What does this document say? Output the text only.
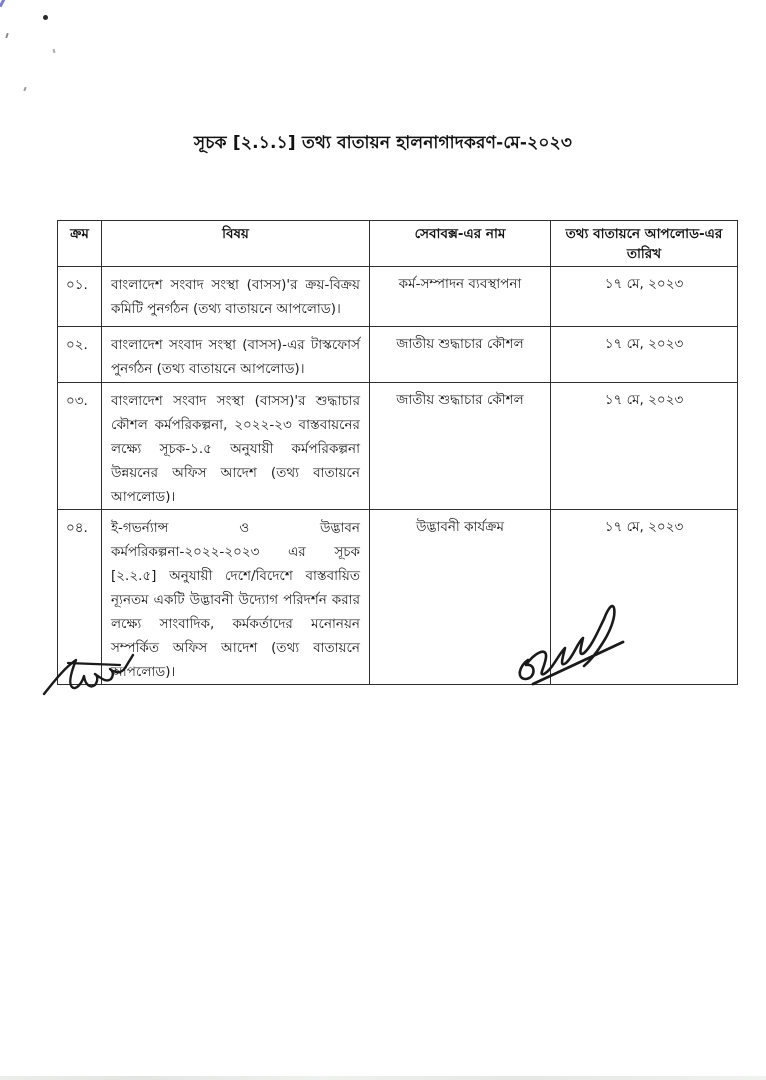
সূচক [২.১.১] তথ্য বাতায়ন হালনাগাদকরণ-মে-২০২৩
ক্রম	বিষয়	সেবাবক্স-এর নাম	তথ্য বাতায়নে আপলোড-এর তারিখ
০১.	বাংলাদেশ সংবাদ সংস্থা (বাসস)'র ক্রয়-বিক্রয় কমিটি পুনর্গঠন (তথ্য বাতায়নে আপলোড)।	কর্ম-সম্পাদন ব্যবস্থাপনা	১৭ মে, ২০২৩
০২.	বাংলাদেশ সংবাদ সংস্থা (বাসস)-এর টাস্কফোর্স পুনর্গঠন (তথ্য বাতায়নে আপলোড)।	জাতীয় শুদ্ধাচার কৌশল	১৭ মে, ২০২৩
০৩.	বাংলাদেশ সংবাদ সংস্থা (বাসস)'র শুদ্ধাচার কৌশল কর্মপরিকল্পনা, ২০২২-২৩ বাস্তবায়নের লক্ষ্যে সূচক-১.৫ অনুযায়ী কর্মপরিকল্পনা উন্নয়নের অফিস আদেশ (তথ্য বাতায়নে আপলোড)।	জাতীয় শুদ্ধাচার কৌশল	১৭ মে, ২০২৩
০৪.	ই-গভর্ন্যান্স ও উদ্ভাবন কর্মপরিকল্পনা-২০২২-২০২৩ এর সূচক [২.২.৫] অনুযায়ী দেশে/বিদেশে বাস্তবায়িত ন্যূনতম একটি উদ্ভাবনী উদ্যোগ পরিদর্শন করার লক্ষ্যে সাংবাদিক, কর্মকর্তাদের মনোনয়ন সম্পর্কিত অফিস আদেশ (তথ্য বাতায়নে আপলোড)।	উদ্ভাবনী কার্যক্রম	১৭ মে, ২০২৩
